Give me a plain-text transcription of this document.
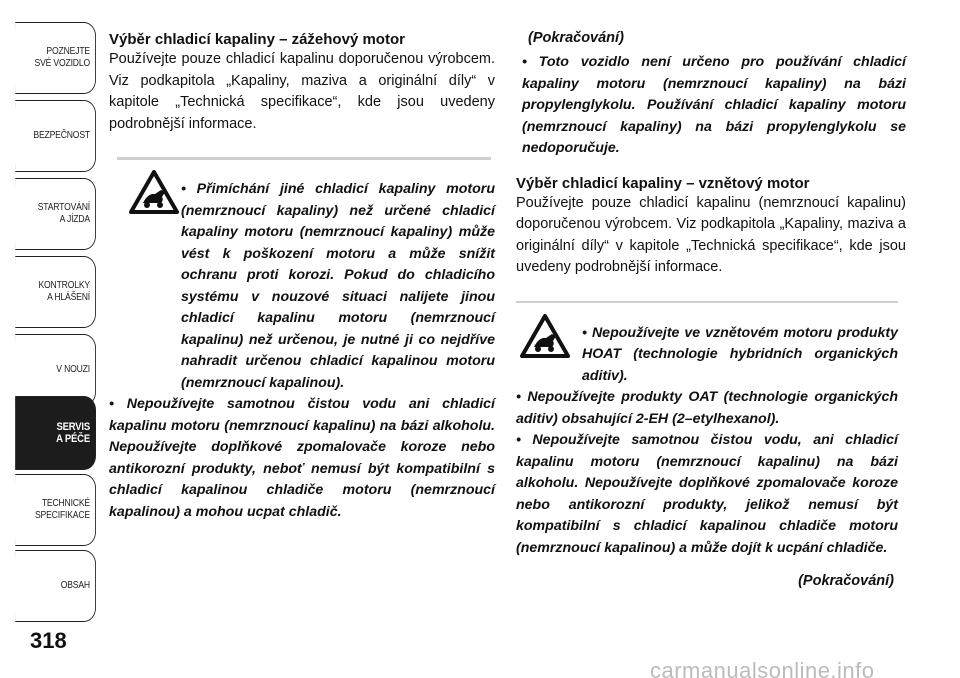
POZNEJTE
SVÉ VOZIDLO
BEZPEČNOST
STARTOVÁNÍ
A JÍZDA
KONTROLKY
A HLÁŠENÍ
V NOUZI
SERVIS
A PÉČE
TECHNICKÉ
SPECIFIKACE
OBSAH
318
Výběr chladicí kapaliny – zážehový motor
Používejte pouze chladicí kapalinu doporučenou výrobcem. Viz podkapitola „Kapaliny, maziva a originální díly“ v kapitole „Technická specifikace“, kde jsou uvedeny podrobnější informace.
• Přimíchání jiné chladicí kapaliny motoru (nemrznoucí kapaliny) než určené chladicí kapaliny motoru (nemrznoucí kapaliny) může vést k poškození motoru a může snížit ochranu proti korozi. Pokud do chladicího systému v nouzové situaci nalijete jinou chladicí kapalinu motoru (nemrznoucí kapalinu) než určenou, je nutné ji co nejdříve nahradit určenou chladicí kapalinou motoru (nemrznoucí kapalinou).
• Nepoužívejte samotnou čistou vodu ani chladicí kapalinu motoru (nemrznoucí kapalinu) na bázi alkoholu. Nepoužívejte doplňkové zpomalovače koroze nebo antikorozní produkty, neboť nemusí být kompatibilní s chladicí kapalinou chladiče motoru (nemrznoucí kapalinou) a mohou ucpat chladič.
(Pokračování)
• Toto vozidlo není určeno pro používání chladicí kapaliny motoru (nemrznoucí kapaliny) na bázi propylenglykolu. Používání chladicí kapaliny motoru (nemrznoucí kapaliny) na bázi propylenglykolu se nedoporučuje.
Výběr chladicí kapaliny – vznětový motor
Používejte pouze chladicí kapalinu (nemrznoucí kapalinu) doporučenou výrobcem. Viz podkapitola „Kapaliny, maziva a originální díly“ v kapitole „Technická specifikace“, kde jsou uvedeny podrobnější informace.
• Nepoužívejte ve vznětovém motoru produkty HOAT (technologie hybridních organických aditiv).
• Nepoužívejte produkty OAT (technologie organických aditiv) obsahující 2-EH (2–etylhexanol).
• Nepoužívejte samotnou čistou vodu, ani chladicí kapalinu motoru (nemrznoucí kapalinu) na bázi alkoholu. Nepoužívejte doplňkové zpomalovače koroze nebo antikorozní produkty, jelikož nemusí být kompatibilní s chladicí kapalinou chladiče motoru (nemrznoucí kapalinou) a může dojít k ucpání chladiče.
(Pokračování)
carmanualsonline.info
